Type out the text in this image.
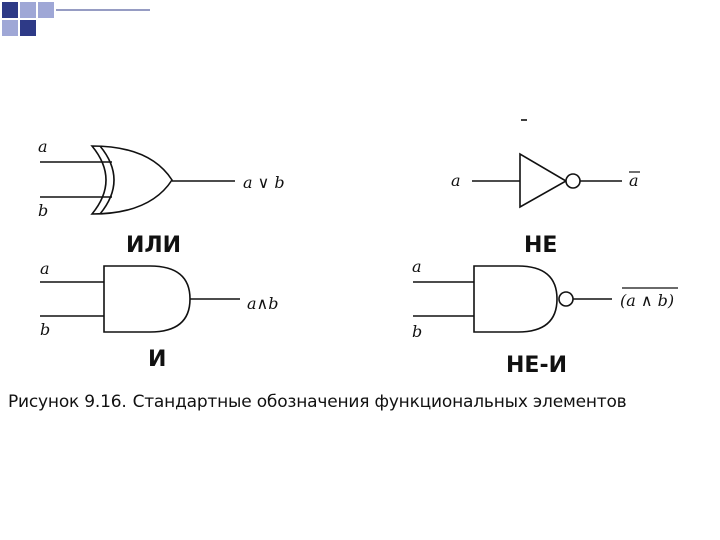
a
b
a ∨ b
ИЛИ
a	a
НЕ
a
b
a∧b
И
a
b
(a ∧ b)
НЕ-И
Рисунок 9.16. Стандартные обозначения функциональных элементов
